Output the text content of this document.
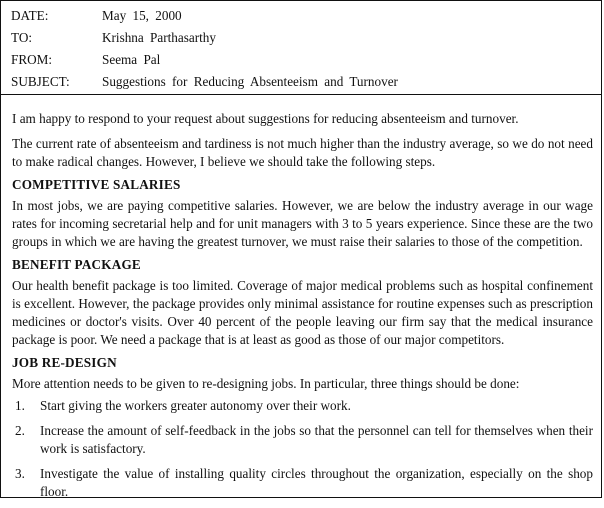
DATE:	May 15, 2000
TO:	Krishna Parthasarthy
FROM:	Seema Pal
SUBJECT: Suggestions for Reducing Absenteeism and Turnover

I am happy to respond to your request about suggestions for reducing absenteeism and turnover.

The current rate of absenteeism and tardiness is not much higher than the industry average, so we do not need to make radical changes. However, I believe we should take the following steps.

COMPETITIVE SALARIES

In most jobs, we are paying competitive salaries. However, we are below the industry average in our wage rates for incoming secretarial help and for unit managers with 3 to 5 years experience. Since these are the two groups in which we are having the greatest turnover, we must raise their salaries to those of the competition.

BENEFIT PACKAGE

Our health benefit package is too limited. Coverage of major medical problems such as hospital confinement is excellent. However, the package provides only minimal assistance for routine expenses such as prescription medicines or doctor's visits. Over 40 percent of the people leaving our firm say that the medical insurance package is poor. We need a package that is at least as good as those of our major competitors.

JOB RE-DESIGN

More attention needs to be given to re-designing jobs. In particular, three things should be done:

1. Start giving the workers greater autonomy over their work.
2. Increase the amount of self-feedback in the jobs so that the personnel can tell for themselves when their work is satisfactory.
3. Investigate the value of installing quality circles throughout the organization, especially on the shop floor.
